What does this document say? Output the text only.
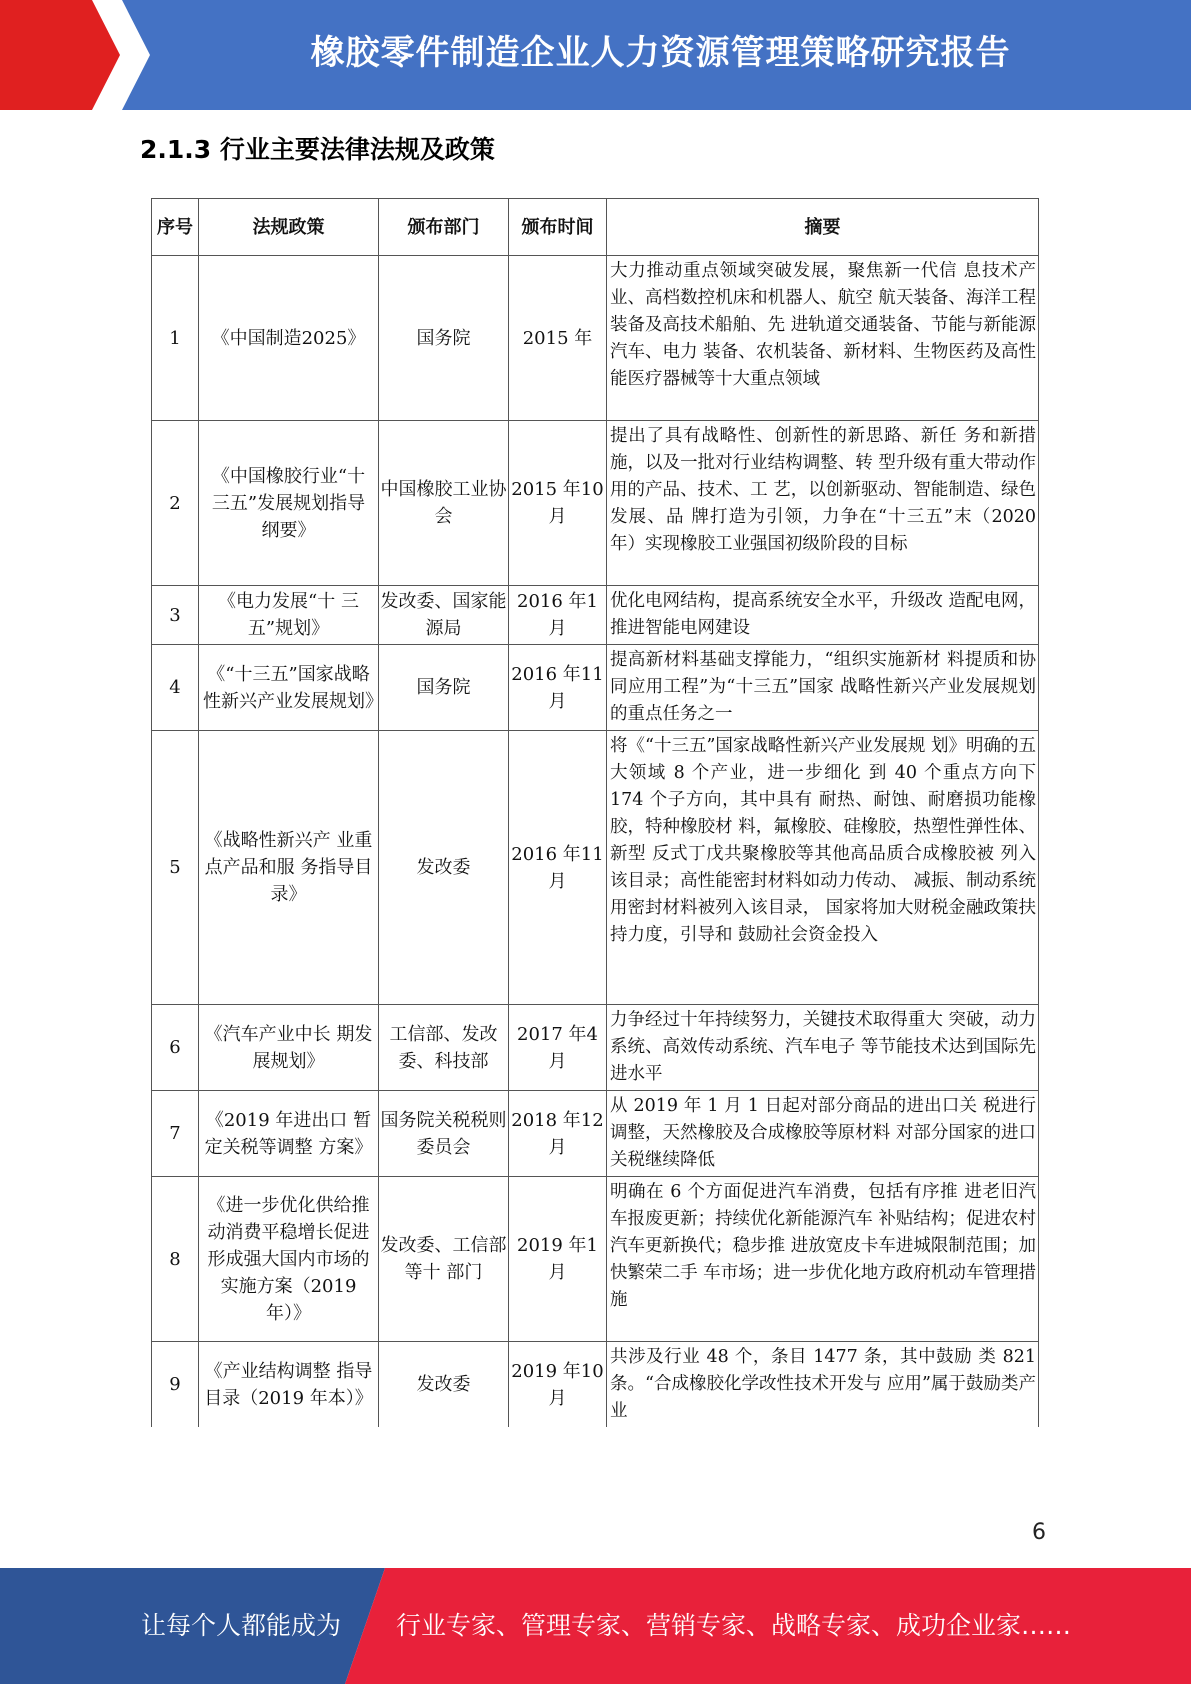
橡胶零件制造企业人力资源管理策略研究报告
2.1.3 行业主要法律法规及政策
序号	法规政策	颁布部门	颁布时间	摘要
1	《中国制造2025》	国务院	2015 年	大力推动重点领域突破发展，聚焦新一代信 息技术产业、高档数控机床和机器人、航空 航天装备、海洋工程装备及高技术船舶、先 进轨道交通装备、节能与新能源汽车、电力 装备、农机装备、新材料、生物医药及高性 能医疗器械等十大重点领域
2	《中国橡胶行业“十三五”发展规划指导纲要》	中国橡胶工业协会	2015 年10月	提出了具有战略性、创新性的新思路、新任 务和新措施，以及一批对行业结构调整、转 型升级有重大带动作用的产品、技术、工 艺，以创新驱动、智能制造、绿色发展、品 牌打造为引领，力争在“十三五”末（2020 年）实现橡胶工业强国初级阶段的目标
3	《电力发展“十 三五”规划》	发改委、国家能源局	2016 年1 月	优化电网结构，提高系统安全水平，升级改 造配电网，推进智能电网建设
4	《“十三五”国家战略性新兴产业发展规划》	国务院	2016 年11 月	提高新材料基础支撑能力，“组织实施新材 料提质和协同应用工程”为“十三五”国家 战略性新兴产业发展规划的重点任务之一
5	《战略性新兴产 业重点产品和服 务指导目录》	发改委	2016 年11 月	将《“十三五”国家战略性新兴产业发展规 划》明确的五大领域 8 个产业，进一步细化 到 40 个重点方向下 174 个子方向，其中具有 耐热、耐蚀、耐磨损功能橡胶，特种橡胶材 料，氟橡胶、硅橡胶，热塑性弹性体、新型 反式丁戊共聚橡胶等其他高品质合成橡胶被 列入该目录；高性能密封材料如动力传动、 减振、制动系统用密封材料被列入该目录， 国家将加大财税金融政策扶持力度，引导和 鼓励社会资金投入
6	《汽车产业中长 期发展规划》	工信部、发改委、科技部	2017 年4 月	力争经过十年持续努力，关键技术取得重大 突破，动力系统、高效传动系统、汽车电子 等节能技术达到国际先进水平
7	《2019 年进出口 暂定关税等调整 方案》	国务院关税税则委员会	2018 年12 月	从 2019 年 1 月 1 日起对部分商品的进出口关 税进行调整，天然橡胶及合成橡胶等原材料 对部分国家的进口关税继续降低
8	《进一步优化供给推动消费平稳增长促进形成强大国内市场的实施方案（2019年）》	发改委、工信部等十 部门	2019 年1 月	明确在 6 个方面促进汽车消费，包括有序推 进老旧汽车报废更新；持续优化新能源汽车 补贴结构；促进农村汽车更新换代；稳步推 进放宽皮卡车进城限制范围；加快繁荣二手 车市场；进一步优化地方政府机动车管理措 施
9	《产业结构调整 指导目录（2019 年本）》	发改委	2019 年10 月	共涉及行业 48 个，条目 1477 条，其中鼓励 类 821 条。“合成橡胶化学改性技术开发与 应用”属于鼓励类产业
6
让每个人都能成为 行业专家、管理专家、营销专家、战略专家、成功企业家……
